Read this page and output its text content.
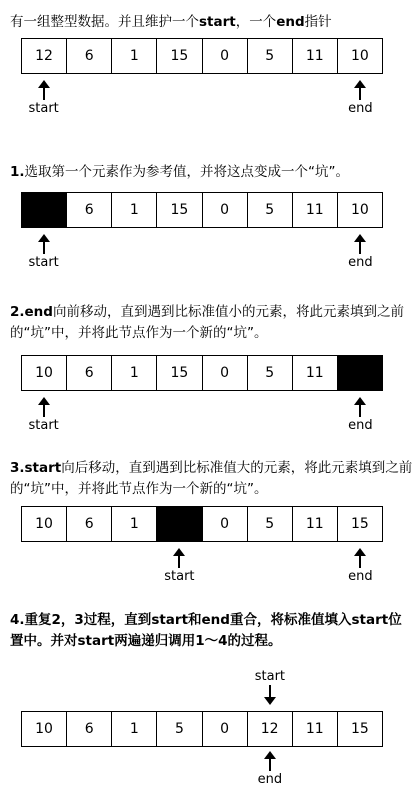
有一组整型数据。并且维护一个start，一个end指针
12	6	1	15	0	5	11	10
start	end
1.选取第一个元素作为参考值，并将这点变成一个“坑”。
6	1	15	0	5	11	10
start	end
2.end向前移动，直到遇到比标准值小的元素，将此元素填到之前的“坑”中，并将此节点作为一个新的“坑”。
10	6	1	15	0	5	11
start	end
3.start向后移动，直到遇到比标准值大的元素，将此元素填到之前的“坑”中，并将此节点作为一个新的“坑”。
10	6	1	0	5	11	15
start	end
4.重复2，3过程，直到start和end重合，将标准值填入start位置中。并对start两遍递归调用1～4的过程。
start
10	6	1	5	0	12	11	15
end
